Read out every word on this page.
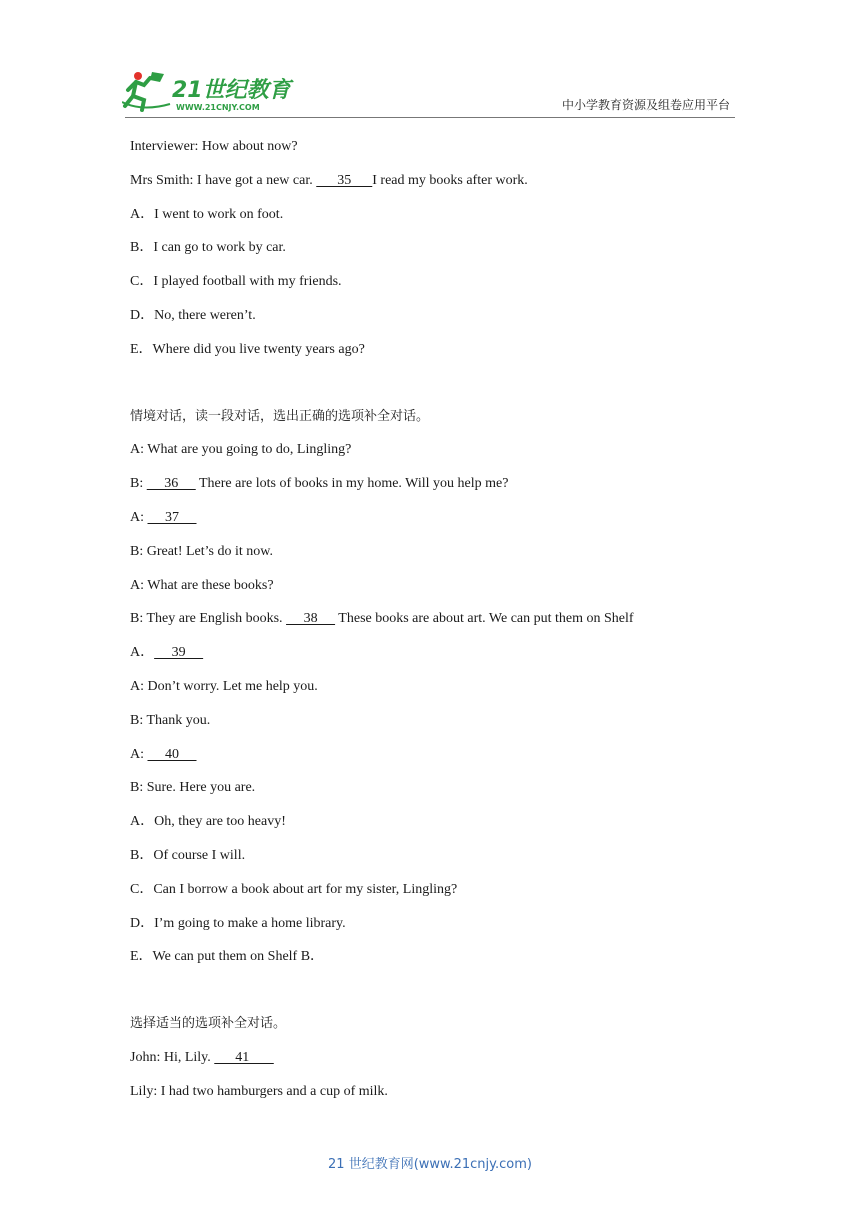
21世纪教育
WWW.21CNJY.COM	中小学教育资源及组卷应用平台
Interviewer: How about now?
Mrs Smith: I have got a new car.       35      I read my books after work.
A．I went to work on foot.
B．I can go to work by car.
C．I played football with my friends.
D．No, there weren’t.
E．Where did you live twenty years ago?
情境对话，读一段对话，选出正确的选项补全对话。
A: What are you going to do, Lingling?
B:      36      There are lots of books in my home. Will you help me?
A:      37
B: Great! Let’s do it now.
A: What are these books?
B: They are English books.      38      These books are about art. We can put them on Shelf
A．     39
A: Don’t worry. Let me help you.
B: Thank you.
A:      40
B: Sure. Here you are.
A．Oh, they are too heavy!
B．Of course I will.
C．Can I borrow a book about art for my sister, Lingling?
D．I’m going to make a home library.
E．We can put them on Shelf B．
选择适当的选项补全对话。
John: Hi, Lily.       41
Lily: I had two hamburgers and a cup of milk.
21 世纪教育网(www.21cnjy.com)
